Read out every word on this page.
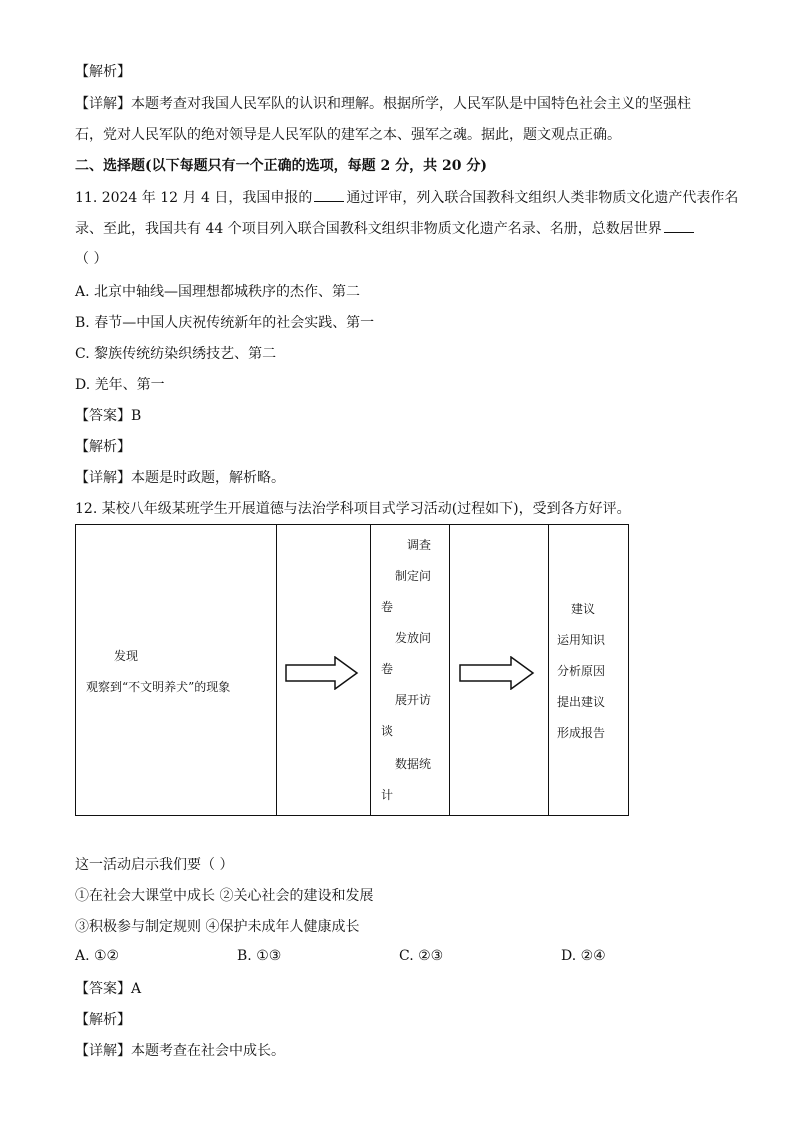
【解析】
【详解】本题考查对我国人民军队的认识和理解。根据所学，人民军队是中国特色社会主义的坚强柱
石，党对人民军队的绝对领导是人民军队的建军之本、强军之魂。据此，题文观点正确。
二、选择题(以下每题只有一个正确的选项，每题 2 分，共 20 分)
11. 2024 年 12 月 4 日，我国申报的 通过评审，列入联合国教科文组织人类非物质文化遗产代表作名
录、至此，我国共有 44 个项目列入联合国教科文组织非物质文化遗产名录、名册，总数居世界
（ ）
A. 北京中轴线—国理想都城秩序的杰作、第二
B. 春节—中国人庆祝传统新年的社会实践、第一
C. 黎族传统纺染织绣技艺、第二
D. 羌年、第一
【答案】B
【解析】
【详解】本题是时政题，解析略。
12. 某校八年级某班学生开展道德与法治学科项目式学习活动(过程如下)，受到各方好评。
发现
观察到“不文明养犬”的现象

调查
制定问
卷
发放问
卷
展开访
谈
数据统
计

建议
运用知识
分析原因
提出建议
形成报告
这一活动启示我们要（ ）
①在社会大课堂中成长 ②关心社会的建设和发展
③积极参与制定规则 ④保护未成年人健康成长
A. ①②	B. ①③	C. ②③	D. ②④
【答案】A
【解析】
【详解】本题考查在社会中成长。
